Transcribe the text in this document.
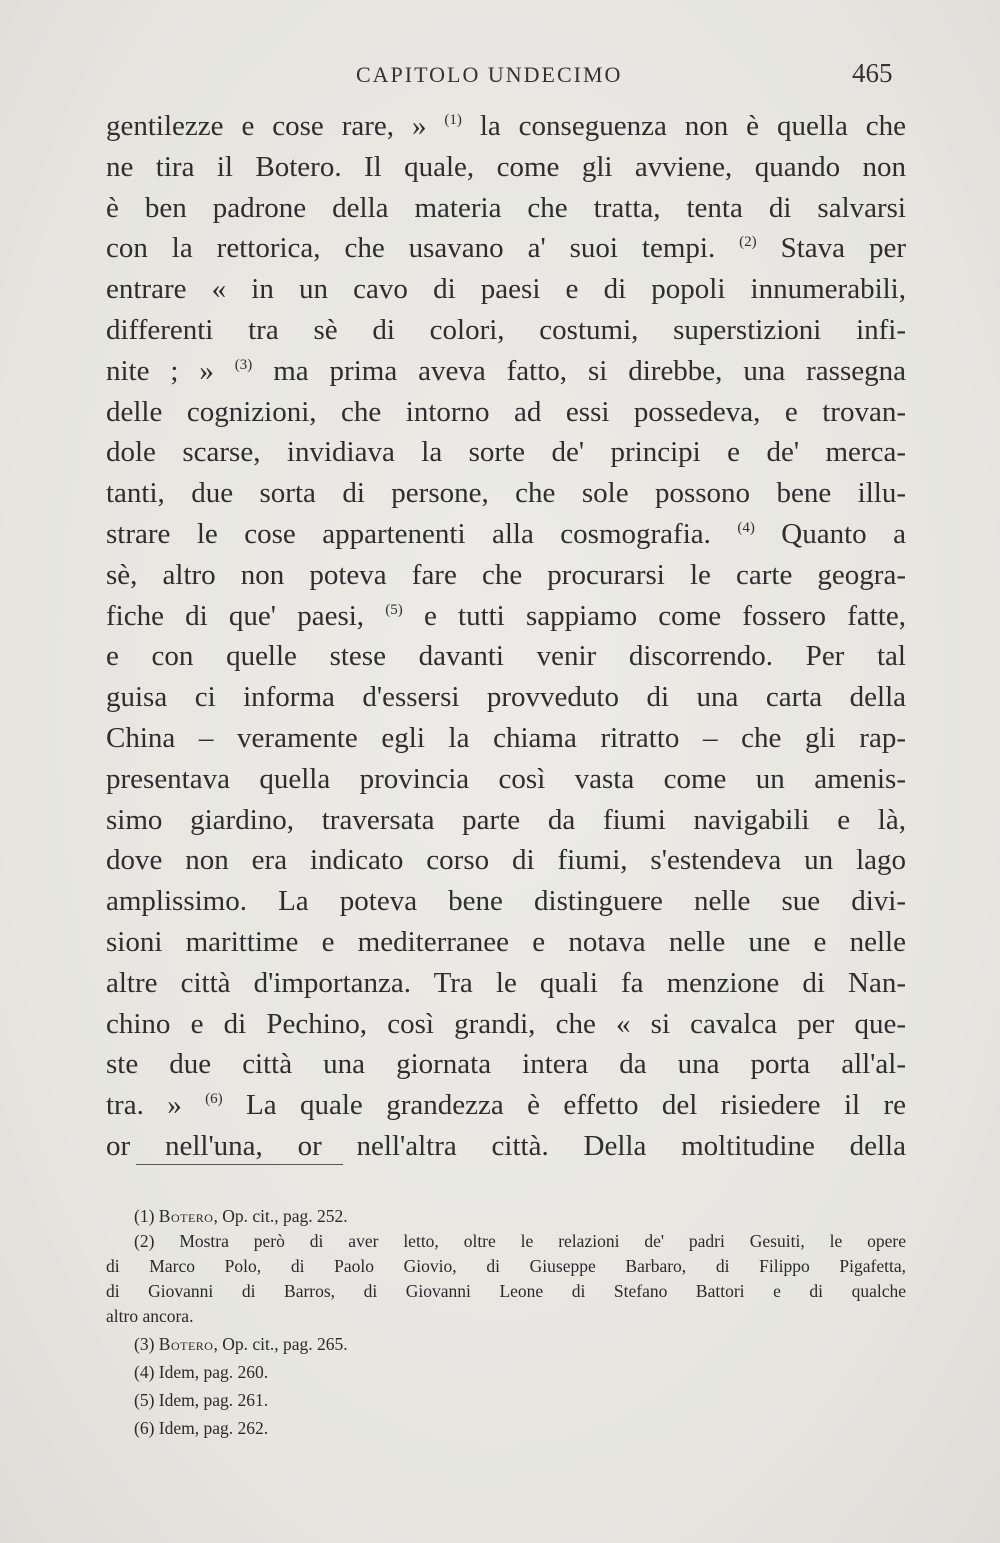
CAPITOLO UNDECIMO	465
gentilezze e cose rare, » $^{(1)}$ la conseguenza non è quella che
ne tira il Botero. Il quale, come gli avviene, quando non
è ben padrone della materia che tratta, tenta di salvarsi
con la rettorica, che usavano a' suoi tempi. $^{(2)}$ Stava per
entrare « in un cavo di paesi e di popoli innumerabili,
differenti tra sè di colori, costumi, superstizioni infi-
nite ; » $^{(3)}$ ma prima aveva fatto, si direbbe, una rassegna
delle cognizioni, che intorno ad essi possedeva, e trovan-
dole scarse, invidiava la sorte de' principi e de' merca-
tanti, due sorta di persone, che sole possono bene illu-
strare le cose appartenenti alla cosmografia. $^{(4)}$ Quanto a
sè, altro non poteva fare che procurarsi le carte geogra-
fiche di que' paesi, $^{(5)}$ e tutti sappiamo come fossero fatte,
e con quelle stese davanti venir discorrendo. Per tal
guisa ci informa d'essersi provveduto di una carta della
China – veramente egli la chiama ritratto – che gli rap-
presentava quella provincia così vasta come un amenis-
simo giardino, traversata parte da fiumi navigabili e là,
dove non era indicato corso di fiumi, s'estendeva un lago
amplissimo. La poteva bene distinguere nelle sue divi-
sioni marittime e mediterranee e notava nelle une e nelle
altre città d'importanza. Tra le quali fa menzione di Nan-
chino e di Pechino, così grandi, che « si cavalca per que-
ste due città una giornata intera da una porta all'al-
tra. » $^{(6)}$ La quale grandezza è effetto del risiedere il re
or nell'una, or nell'altra città. Della moltitudine della
(1) Botero, Op. cit., pag. 252.
(2) Mostra però di aver letto, oltre le relazioni de' padri Gesuiti, le opere
di Marco Polo, di Paolo Giovio, di Giuseppe Barbaro, di Filippo Pigafetta,
di Giovanni di Barros, di Giovanni Leone di Stefano Battori e di qualche
altro ancora.
(3) Botero, Op. cit., pag. 265.
(4) Idem, pag. 260.
(5) Idem, pag. 261.
(6) Idem, pag. 262.
